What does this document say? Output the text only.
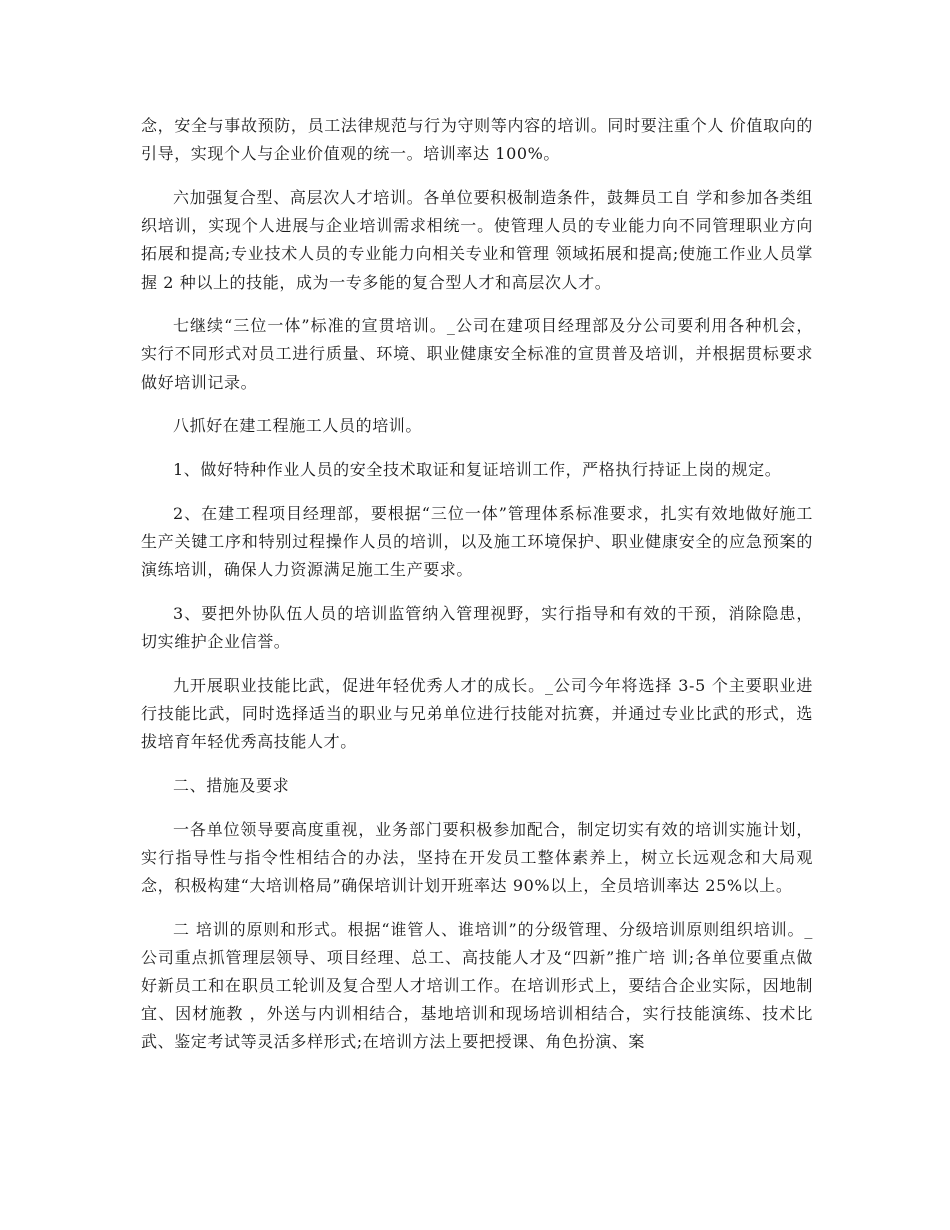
念，安全与事故预防，员工法律规范与行为守则等内容的培训。同时要注重个人 价值取向的引导，实现个人与企业价值观的统一。培训率达 100%。

六加强复合型、高层次人才培训。各单位要积极制造条件，鼓舞员工自 学和参加各类组织培训，实现个人进展与企业培训需求相统一。使管理人员的专业能力向不同管理职业方向拓展和提高;专业技术人员的专业能力向相关专业和管理 领域拓展和提高;使施工作业人员掌握 2 种以上的技能，成为一专多能的复合型人才和高层次人才。

七继续“三位一体”标准的宣贯培训。_公司在建项目经理部及分公司要利用各种机会，实行不同形式对员工进行质量、环境、职业健康安全标准的宣贯普及培训，并根据贯标要求做好培训记录。

八抓好在建工程施工人员的培训。

1、做好特种作业人员的安全技术取证和复证培训工作，严格执行持证上岗的规定。

2、在建工程项目经理部，要根据“三位一体”管理体系标准要求，扎实有效地做好施工生产关键工序和特别过程操作人员的培训，以及施工环境保护、职业健康安全的应急预案的演练培训，确保人力资源满足施工生产要求。

3、要把外协队伍人员的培训监管纳入管理视野，实行指导和有效的干预，消除隐患，切实维护企业信誉。

九开展职业技能比武，促进年轻优秀人才的成长。_公司今年将选择 3-5 个主要职业进行技能比武，同时选择适当的职业与兄弟单位进行技能对抗赛，并通过专业比武的形式，选拔培育年轻优秀高技能人才。

二、措施及要求

一各单位领导要高度重视，业务部门要积极参加配合，制定切实有效的培训实施计划，实行指导性与指令性相结合的办法，坚持在开发员工整体素养上，树立长远观念和大局观念，积极构建“大培训格局”确保培训计划开班率达 90%以上，全员培训率达 25%以上。

二 培训的原则和形式。根据“谁管人、谁培训”的分级管理、分级培训原则组织培训。_公司重点抓管理层领导、项目经理、总工、高技能人才及“四新”推广培 训;各单位要重点做好新员工和在职员工轮训及复合型人才培训工作。在培训形式上，要结合企业实际，因地制宜、因材施教 ，外送与内训相结合，基地培训和现场培训相结合，实行技能演练、技术比武、鉴定考试等灵活多样形式;在培训方法上要把授课、角色扮演、案
